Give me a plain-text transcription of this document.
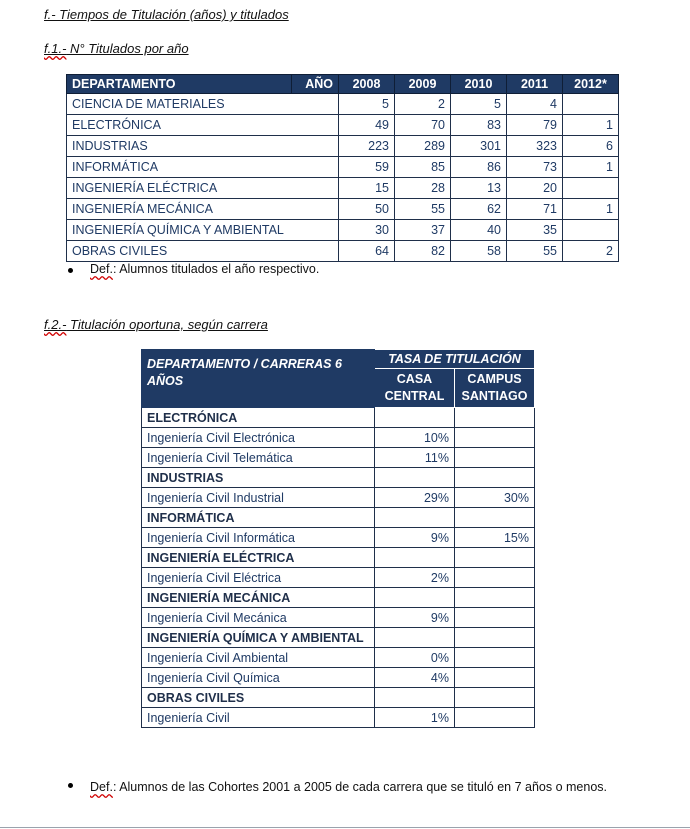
f.- Tiempos de Titulación (años) y titulados
f.1.- N° Titulados por año
DEPARTAMENTO	AÑO	2008	2009	2010	2011	2012*
CIENCIA DE MATERIALES		5	2	5	4	
ELECTRÓNICA		49	70	83	79	1
INDUSTRIAS		223	289	301	323	6
INFORMÁTICA		59	85	86	73	1
INGENIERÍA ELÉCTRICA		15	28	13	20	
INGENIERÍA MECÁNICA		50	55	62	71	1
INGENIERÍA QUÍMICA Y AMBIENTAL		30	37	40	35	
OBRAS CIVILES		64	82	58	55	2
Def.: Alumnos titulados el año respectivo.
f.2.- Titulación oportuna, según carrera
DEPARTAMENTO / CARRERAS 6 AÑOS	TASA DE TITULACIÓN	
	CASA CENTRAL	CAMPUS SANTIAGO
ELECTRÓNICA		
Ingeniería Civil Electrónica	10%	
Ingeniería Civil Telemática	11%	
INDUSTRIAS		
Ingeniería Civil Industrial	29%	30%
INFORMÁTICA		
Ingeniería Civil Informática	9%	15%
INGENIERÍA ELÉCTRICA		
Ingeniería Civil Eléctrica	2%	
INGENIERÍA MECÁNICA		
Ingeniería Civil Mecánica	9%	
INGENIERÍA QUÍMICA Y AMBIENTAL		
Ingeniería Civil Ambiental	0%	
Ingeniería Civil Química	4%	
OBRAS CIVILES		
Ingeniería Civil	1%	
Def.: Alumnos de las Cohortes 2001 a 2005 de cada carrera que se tituló en 7 años o menos.
